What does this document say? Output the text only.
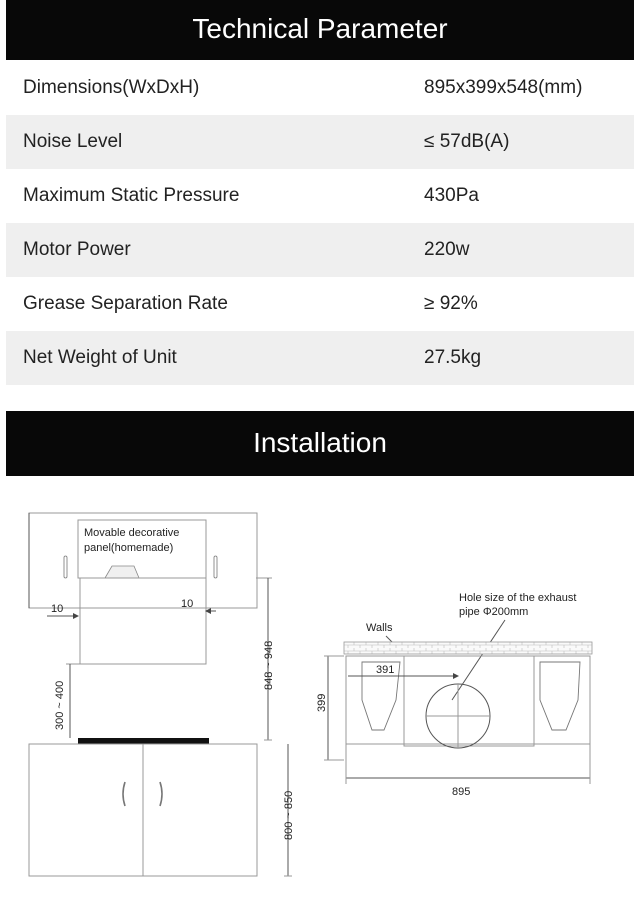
Technical Parameter
Dimensions(WxDxH)	895x399x548(mm)
Noise Level	≤ 57dB(A)
Maximum Static Pressure	430Pa
Motor Power	220w
Grease Separation Rate	≥ 92%
Net Weight of Unit	27.5kg
Installation
Movable decorative
panel(homemade)
10	10
848 ~ 948
300 ~ 400
800 ~ 850
Hole size of the exhaust
pipe Φ200mm
Walls
391
399
895
